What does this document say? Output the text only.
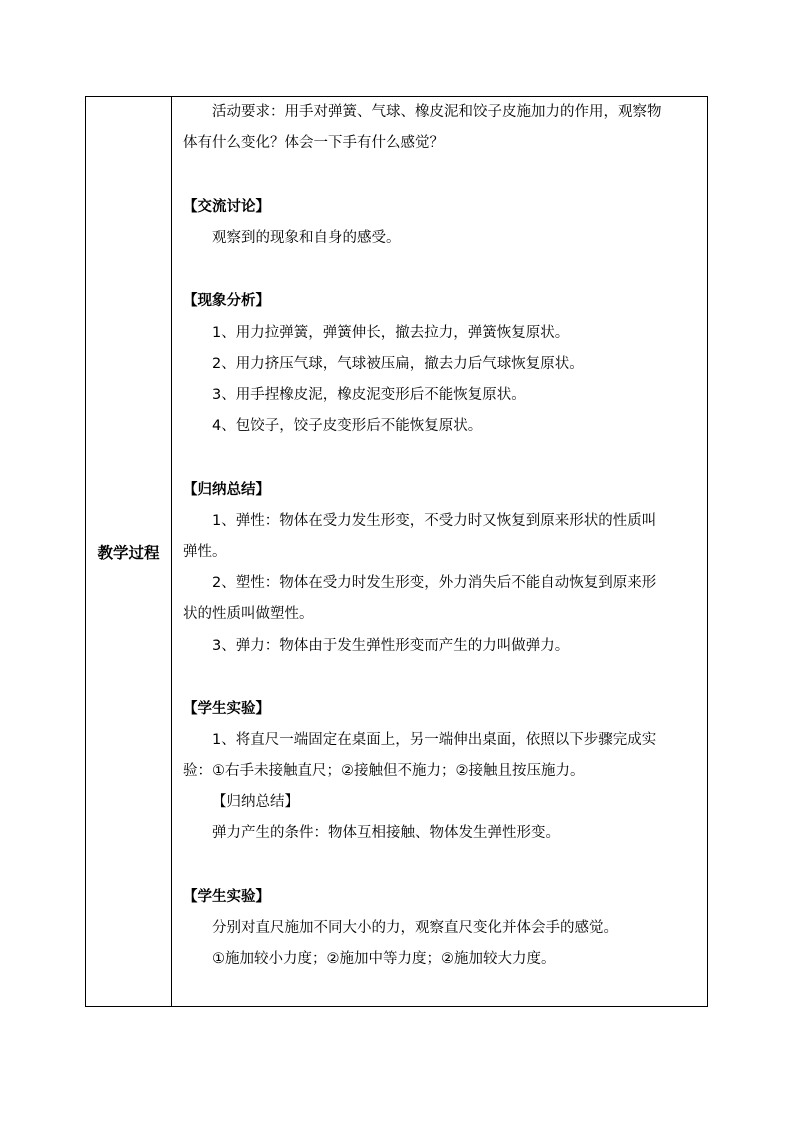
教学过程
活动要求：用手对弹簧、气球、橡皮泥和饺子皮施加力的作用，观察物
体有什么变化？体会一下手有什么感觉？
【交流讨论】
观察到的现象和自身的感受。
【现象分析】
1、用力拉弹簧，弹簧伸长，撤去拉力，弹簧恢复原状。
2、用力挤压气球，气球被压扁，撤去力后气球恢复原状。
3、用手捏橡皮泥，橡皮泥变形后不能恢复原状。
4、包饺子，饺子皮变形后不能恢复原状。
【归纳总结】
1、弹性：物体在受力发生形变，不受力时又恢复到原来形状的性质叫
弹性。
2、塑性：物体在受力时发生形变，外力消失后不能自动恢复到原来形
状的性质叫做塑性。
3、弹力：物体由于发生弹性形变而产生的力叫做弹力。
【学生实验】
1、将直尺一端固定在桌面上，另一端伸出桌面，依照以下步骤完成实
验：①右手未接触直尺；②接触但不施力；②接触且按压施力。
【归纳总结】
弹力产生的条件：物体互相接触、物体发生弹性形变。
【学生实验】
分别对直尺施加不同大小的力，观察直尺变化并体会手的感觉。
①施加较小力度；②施加中等力度；②施加较大力度。
